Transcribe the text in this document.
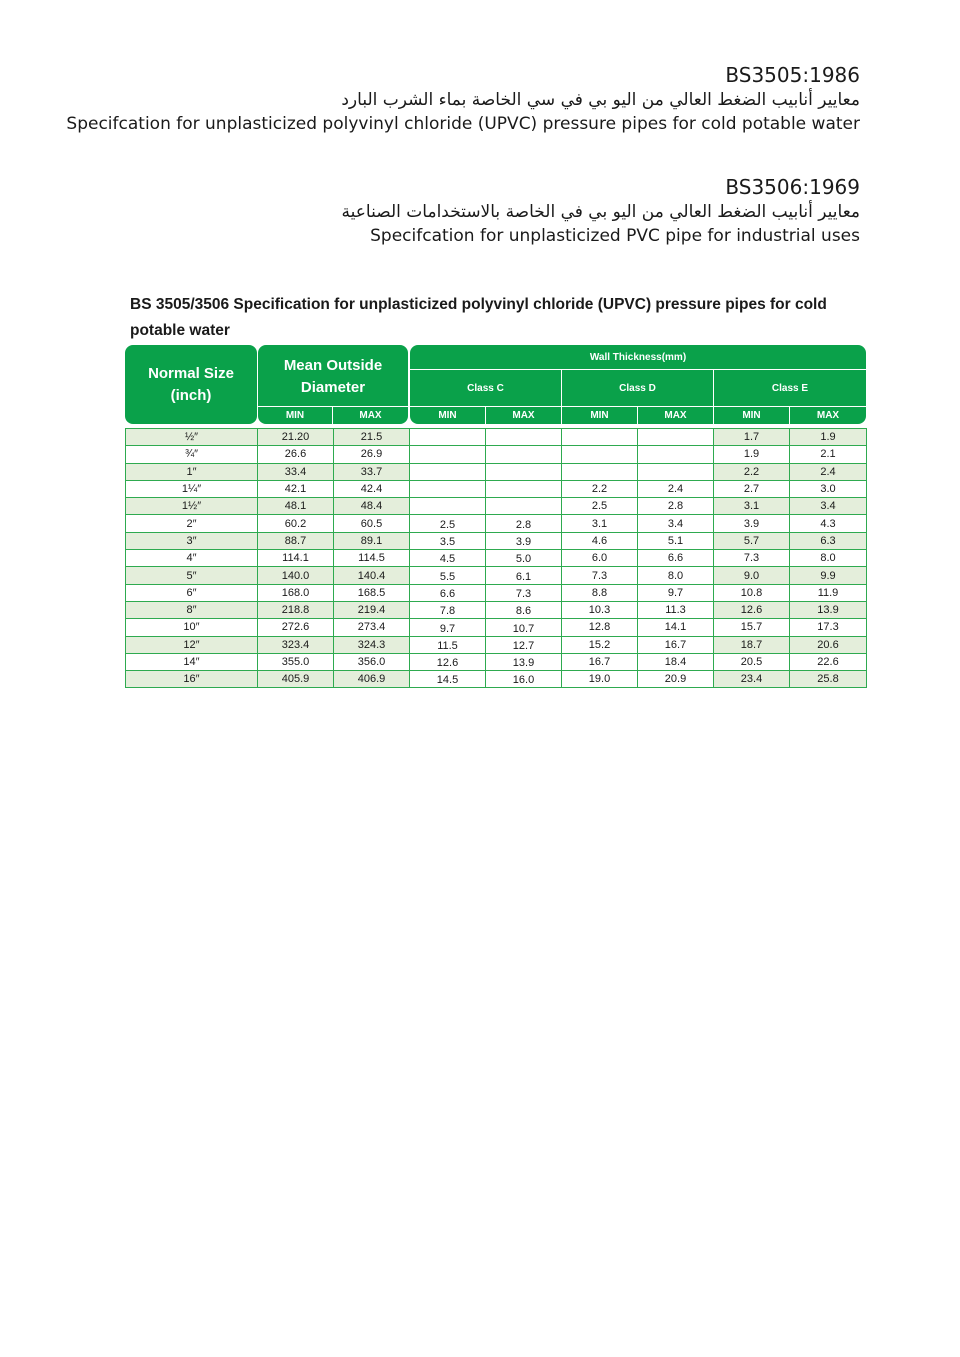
BS3505:1986
معايير أنابيب الضغط العالي من اليو بي في سي الخاصة بماء الشرب البارد
Specifcation for unplasticized polyvinyl chloride (UPVC) pressure pipes for cold potable water
BS3506:1969
معايير أنابيب الضغط العالي من اليو بي في الخاصة بالاستخدامات الصناعية
Specifcation for unplasticized PVC pipe for industrial uses
BS 3505/3506 Specification for unplasticized polyvinyl chloride (UPVC) pressure pipes for cold potable water
Normal Size (inch)
Mean Outside Diameter
MIN	MAX
Wall Thickness(mm)
Class C	Class D	Class E
MIN	MAX	MIN	MAX	MIN	MAX
½″	21.20	21.5					1.7	1.9
¾″	26.6	26.9					1.9	2.1
1″	33.4	33.7					2.2	2.4
1¼″	42.1	42.4			2.2	2.4	2.7	3.0
1½″	48.1	48.4			2.5	2.8	3.1	3.4
2″	60.2	60.5	2.5	2.8	3.1	3.4	3.9	4.3
3″	88.7	89.1	3.5	3.9	4.6	5.1	5.7	6.3
4″	114.1	114.5	4.5	5.0	6.0	6.6	7.3	8.0
5″	140.0	140.4	5.5	6.1	7.3	8.0	9.0	9.9
6″	168.0	168.5	6.6	7.3	8.8	9.7	10.8	11.9
8″	218.8	219.4	7.8	8.6	10.3	11.3	12.6	13.9
10″	272.6	273.4	9.7	10.7	12.8	14.1	15.7	17.3
12″	323.4	324.3	11.5	12.7	15.2	16.7	18.7	20.6
14″	355.0	356.0	12.6	13.9	16.7	18.4	20.5	22.6
16″	405.9	406.9	14.5	16.0	19.0	20.9	23.4	25.8
